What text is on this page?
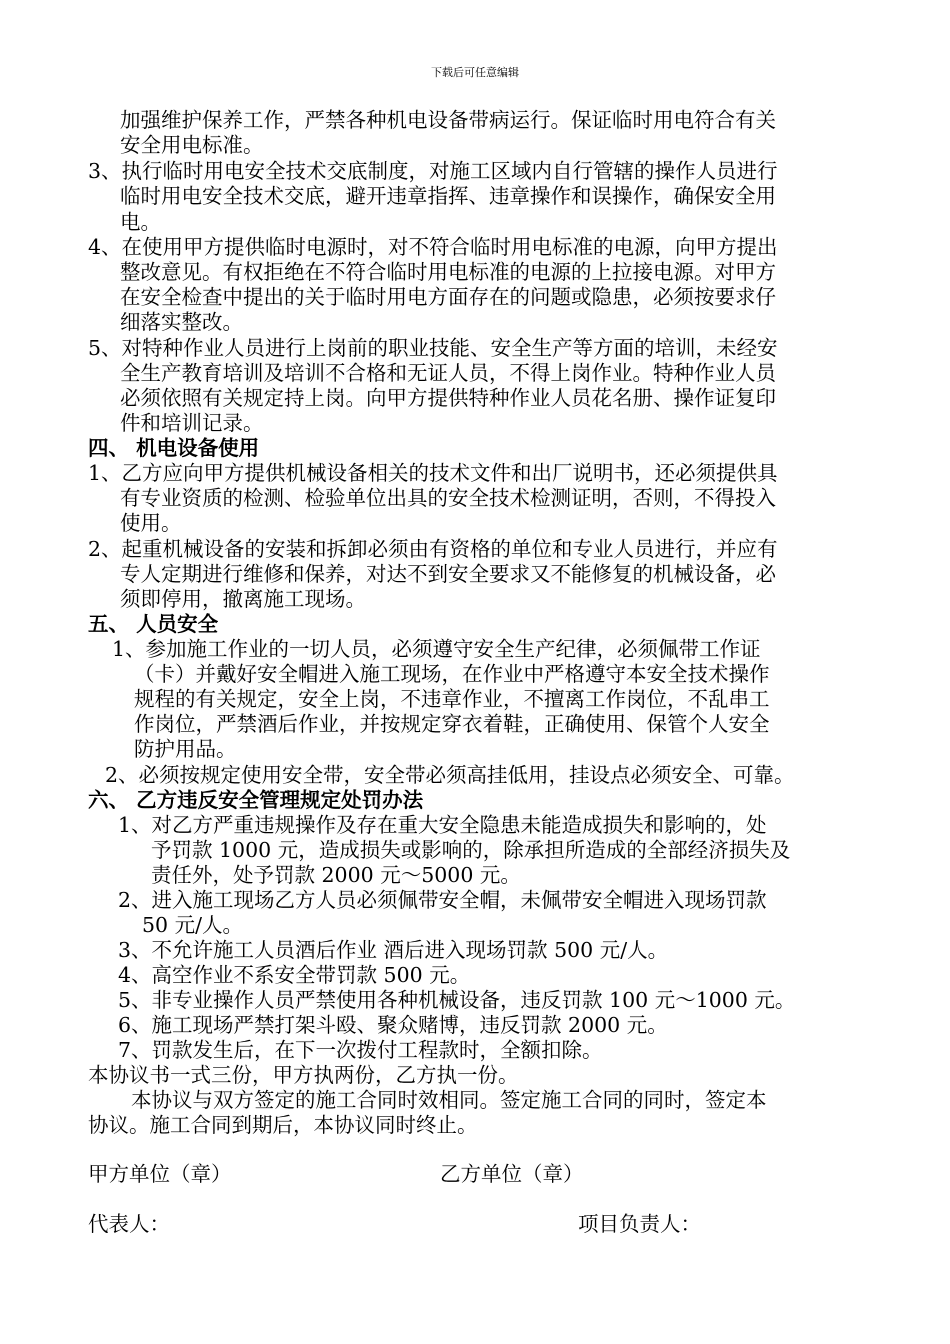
下载后可任意编辑
加强维护保养工作，严禁各种机电设备带病运行。保证临时用电符合有关
安全用电标准。
3、执行临时用电安全技术交底制度，对施工区域内自行管辖的操作人员进行
临时用电安全技术交底，避开违章指挥、违章操作和误操作，确保安全用
电。
4、在使用甲方提供临时电源时，对不符合临时用电标准的电源，向甲方提出
整改意见。有权拒绝在不符合临时用电标准的电源的上拉接电源。对甲方
在安全检查中提出的关于临时用电方面存在的问题或隐患，必须按要求仔
细落实整改。
5、对特种作业人员进行上岗前的职业技能、安全生产等方面的培训，未经安
全生产教育培训及培训不合格和无证人员，不得上岗作业。特种作业人员
必须依照有关规定持上岗。向甲方提供特种作业人员花名册、操作证复印
件和培训记录。
四、 机电设备使用
1、乙方应向甲方提供机械设备相关的技术文件和出厂说明书，还必须提供具
有专业资质的检测、检验单位出具的安全技术检测证明，否则，不得投入
使用。
2、起重机械设备的安装和拆卸必须由有资格的单位和专业人员进行，并应有
专人定期进行维修和保养，对达不到安全要求又不能修复的机械设备，必
须即停用，撤离施工现场。
五、 人员安全
1、参加施工作业的一切人员，必须遵守安全生产纪律，必须佩带工作证
（卡）并戴好安全帽进入施工现场，在作业中严格遵守本安全技术操作
规程的有关规定，安全上岗，不违章作业，不擅离工作岗位，不乱串工
作岗位，严禁酒后作业，并按规定穿衣着鞋，正确使用、保管个人安全
防护用品。
2、必须按规定使用安全带，安全带必须高挂低用，挂设点必须安全、可靠。
六、 乙方违反安全管理规定处罚办法
1、对乙方严重违规操作及存在重大安全隐患未能造成损失和影响的，处
予罚款 1000 元，造成损失或影响的，除承担所造成的全部经济损失及
责任外，处予罚款 2000 元～5000 元。
2、进入施工现场乙方人员必须佩带安全帽，未佩带安全帽进入现场罚款
50 元/人。
3、不允许施工人员酒后作业 酒后进入现场罚款 500 元/人。
4、高空作业不系安全带罚款 500 元。
5、非专业操作人员严禁使用各种机械设备，违反罚款 100 元～1000 元。
6、施工现场严禁打架斗殴、聚众赌博，违反罚款 2000 元。
7、罚款发生后，在下一次拨付工程款时，全额扣除。
本协议书一式三份，甲方执两份，乙方执一份。
本协议与双方签定的施工合同时效相同。签定施工合同的同时，签定本
协议。施工合同到期后，本协议同时终止。
甲方单位（章）	乙方单位（章）
代表人：	项目负责人：
